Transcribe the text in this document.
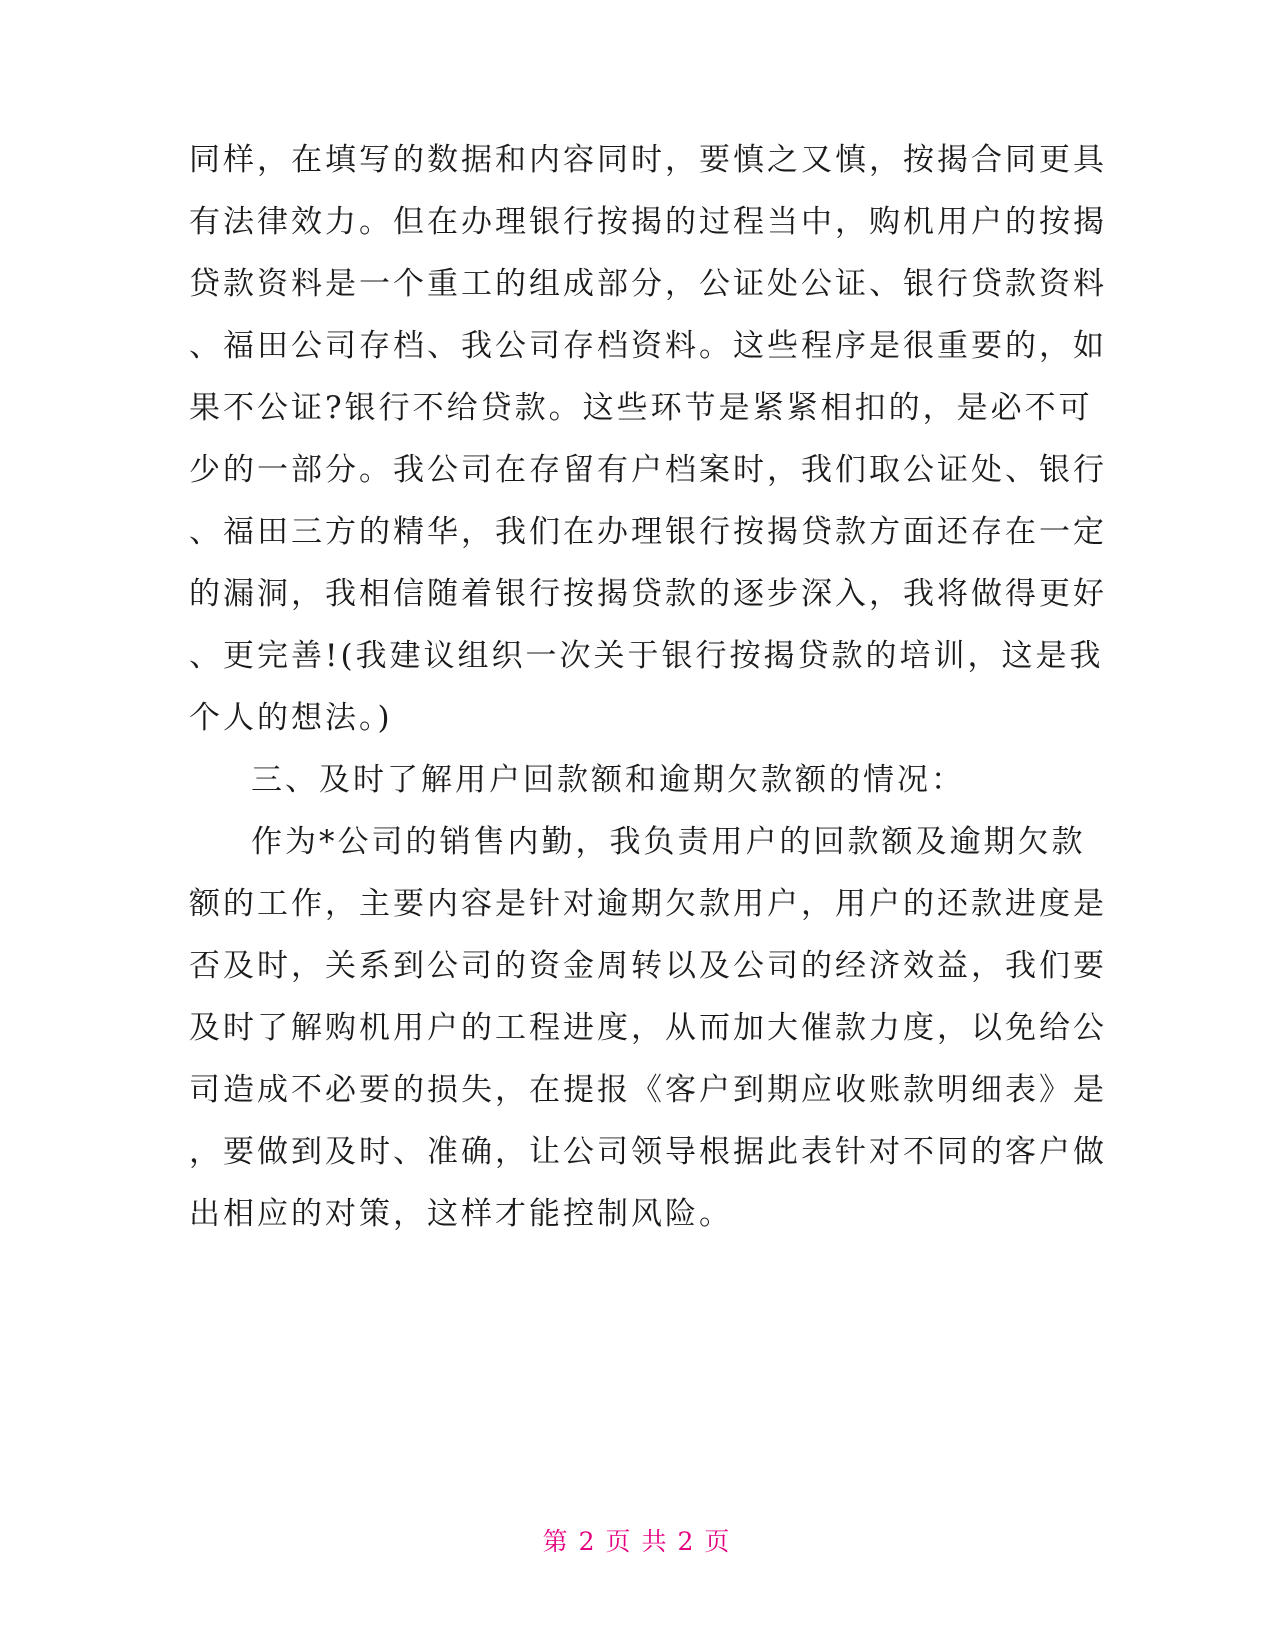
同样，在填写的数据和内容同时，要慎之又慎，按揭合同更具
有法律效力。但在办理银行按揭的过程当中，购机用户的按揭
贷款资料是一个重工的组成部分，公证处公证、银行贷款资料
、福田公司存档、我公司存档资料。这些程序是很重要的，如
果不公证?银行不给贷款。这些环节是紧紧相扣的，是必不可
少的一部分。我公司在存留有户档案时，我们取公证处、银行
、福田三方的精华，我们在办理银行按揭贷款方面还存在一定
的漏洞，我相信随着银行按揭贷款的逐步深入，我将做得更好
、更完善!(我建议组织一次关于银行按揭贷款的培训，这是我
个人的想法。)
三、及时了解用户回款额和逾期欠款额的情况：
作为*公司的销售内勤，我负责用户的回款额及逾期欠款
额的工作，主要内容是针对逾期欠款用户，用户的还款进度是
否及时，关系到公司的资金周转以及公司的经济效益，我们要
及时了解购机用户的工程进度，从而加大催款力度，以免给公
司造成不必要的损失，在提报《客户到期应收账款明细表》是
，要做到及时、准确，让公司领导根据此表针对不同的客户做
出相应的对策，这样才能控制风险。
第 2 页 共 2 页
